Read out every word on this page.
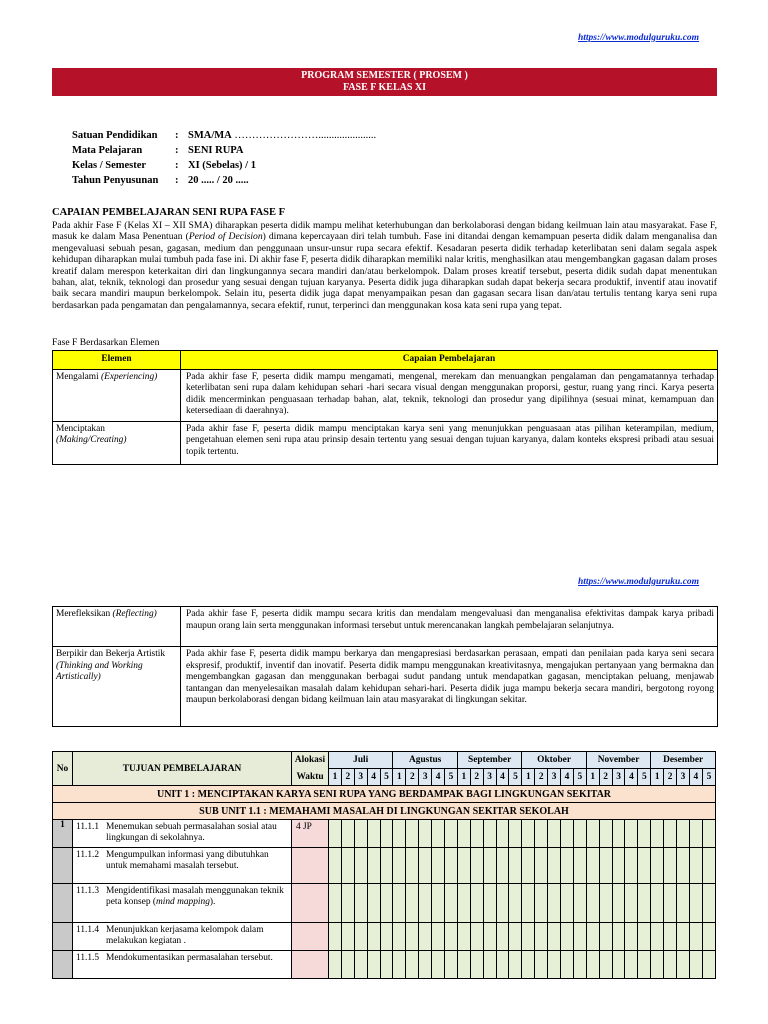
https://www.modulguruku.com
PROGRAM SEMESTER ( PROSEM )
FASE F KELAS XI
Satuan Pendidikan : SMA/MA ……………………......................
Mata Pelajaran	: SENI RUPA
Kelas / Semester	: XI (Sebelas) / 1
Tahun Penyusunan : 20 ..... / 20 .....
CAPAIAN PEMBELAJARAN SENI RUPA FASE F
Pada akhir Fase F (Kelas XI – XII SMA) diharapkan peserta didik mampu melihat keterhubungan dan berkolaborasi dengan bidang keilmuan lain atau masyarakat. Fase F, masuk ke dalam Masa Penentuan (Period of Decision) dimana kepercayaan diri telah tumbuh. Fase ini ditandai dengan kemampuan peserta didik dalam menganalisa dan mengevaluasi sebuah pesan, gagasan, medium dan penggunaan unsur-unsur rupa secara efektif. Kesadaran peserta didik terhadap keterlibatan seni dalam segala aspek kehidupan diharapkan mulai tumbuh pada fase ini. Di akhir fase F, peserta didik diharapkan memiliki nalar kritis, menghasilkan atau mengembangkan gagasan dalam proses kreatif dalam merespon keterkaitan diri dan lingkungannya secara mandiri dan/atau berkelompok. Dalam proses kreatif tersebut, peserta didik sudah dapat menentukan bahan, alat, teknik, teknologi dan prosedur yang sesuai dengan tujuan karyanya. Peserta didik juga diharapkan sudah dapat bekerja secara produktif, inventif atau inovatif baik secara mandiri maupun berkelompok. Selain itu, peserta didik juga dapat menyampaikan pesan dan gagasan secara lisan dan/atau tertulis tentang karya seni rupa berdasarkan pada pengamatan dan pengalamannya, secara efektif, runut, terperinci dan menggunakan kosa kata seni rupa yang tepat.
Fase F Berdasarkan Elemen
Elemen	Capaian Pembelajaran
Mengalami (Experiencing)	Pada akhir fase F, peserta didik mampu mengamati, mengenal, merekam dan menuangkan pengalaman dan pengamatannya terhadap keterlibatan seni rupa dalam kehidupan sehari -hari secara visual dengan menggunakan proporsi, gestur, ruang yang rinci. Karya peserta didik mencerminkan penguasaan terhadap bahan, alat, teknik, teknologi dan prosedur yang dipilihnya (sesuai minat, kemampuan dan ketersediaan di daerahnya).
Menciptakan
(Making/Creating)	Pada akhir fase F, peserta didik mampu menciptakan karya seni yang menunjukkan penguasaan atas pilihan keterampilan, medium, pengetahuan elemen seni rupa atau prinsip desain tertentu yang sesuai dengan tujuan karyanya, dalam konteks ekspresi pribadi atau sesuai topik tertentu.
https://www.modulguruku.com
Merefleksikan (Reflecting)	Pada akhir fase F, peserta didik mampu secara kritis dan mendalam mengevaluasi dan menganalisa efektivitas dampak karya pribadi maupun orang lain serta menggunakan informasi tersebut untuk merencanakan langkah pembelajaran selanjutnya.
Berpikir dan Bekerja Artistik (Thinking and Working Artistically)	Pada akhir fase F, peserta didik mampu berkarya dan mengapresiasi berdasarkan perasaan, empati dan penilaian pada karya seni secara ekspresif, produktif, inventif dan inovatif. Peserta didik mampu menggunakan kreativitasnya, mengajukan pertanyaan yang bermakna dan mengembangkan gagasan dan menggunakan berbagai sudut pandang untuk mendapatkan gagasan, menciptakan peluang, menjawab tantangan dan menyelesaikan masalah dalam kehidupan sehari-hari. Peserta didik juga mampu bekerja secara mandiri, bergotong royong maupun berkolaborasi dengan bidang keilmuan lain atau masyarakat di lingkungan sekitar.
No	TUJUAN PEMBELAJARAN	Alokasi	Juli					Agustus					September					Oktober					November					Desember				
		Waktu	1	2	3	4	5	1	2	3	4	5	1	2	3	4	5	1	2	3	4	5	1	2	3	4	5	1	2	3	4	5
UNIT 1 : MENCIPTAKAN KARYA SENI RUPA YANG BERDAMPAK BAGI LINGKUNGAN SEKITAR																																
SUB UNIT 1.1 : MEMAHAMI MASALAH DI LINGKUNGAN SEKITAR SEKOLAH																																
1	11.1.1 Menemukan sebuah permasalahan sosial atau lingkungan di sekolahnya.	4 JP																														
	11.1.2 Mengumpulkan informasi yang dibutuhkan untuk memahami masalah tersebut.																															
	11.1.3 Mengidentifikasi masalah menggunakan teknik peta konsep (mind mapping).																															
	11.1.4 Menunjukkan kerjasama kelompok dalam melakukan kegiatan .																															
	11.1.5 Mendokumentasikan permasalahan tersebut.																															
